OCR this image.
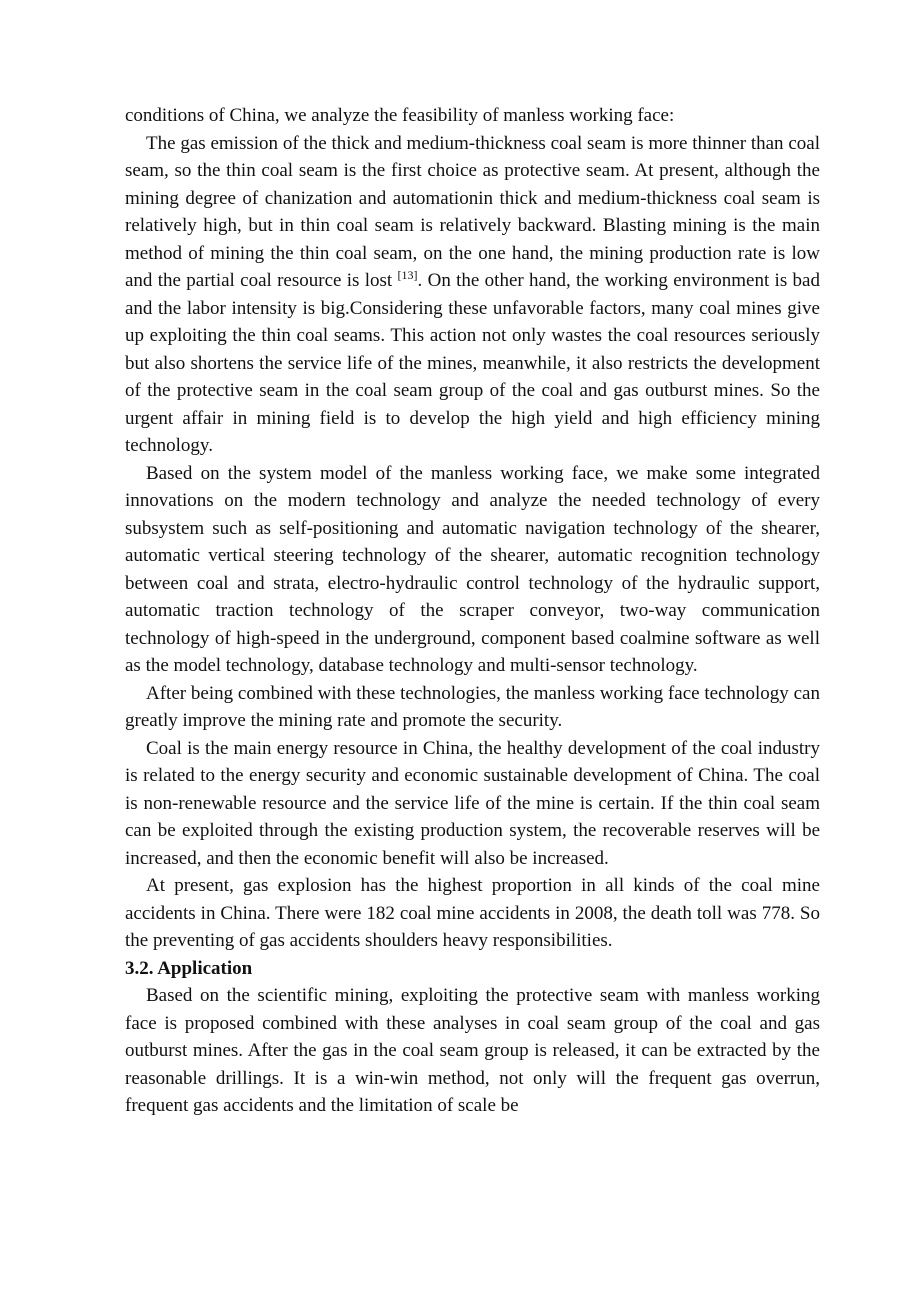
conditions of China, we analyze the feasibility of manless working face:

The gas emission of the thick and medium-thickness coal seam is more thinner than coal seam, so the thin coal seam is the first choice as protective seam. At present, although the mining degree of chanization and automationin thick and medium-thickness coal seam is relatively high, but in thin coal seam is relatively backward. Blasting mining is the main method of mining the thin coal seam, on the one hand, the mining production rate is low and the partial coal resource is lost [13]. On the other hand, the working environment is bad and the labor intensity is big.Considering these unfavorable factors, many coal mines give up exploiting the thin coal seams. This action not only wastes the coal resources seriously but also shortens the service life of the mines, meanwhile, it also restricts the development of the protective seam in the coal seam group of the coal and gas outburst mines. So the urgent affair in mining field is to develop the high yield and high efficiency mining technology.

Based on the system model of the manless working face, we make some integrated innovations on the modern technology and analyze the needed technology of every subsystem such as self-positioning and automatic navigation technology of the shearer, automatic vertical steering technology of the shearer, automatic recognition technology between coal and strata, electro-hydraulic control technology of the hydraulic support, automatic traction technology of the scraper conveyor, two-way communication technology of high-speed in the underground, component based coalmine software as well as the model technology, database technology and multi-sensor technology.

After being combined with these technologies, the manless working face technology can greatly improve the mining rate and promote the security.

Coal is the main energy resource in China, the healthy development of the coal industry is related to the energy security and economic sustainable development of China. The coal is non-renewable resource and the service life of the mine is certain. If the thin coal seam can be exploited through the existing production system, the recoverable reserves will be increased, and then the economic benefit will also be increased.

At present, gas explosion has the highest proportion in all kinds of the coal mine accidents in China. There were 182 coal mine accidents in 2008, the death toll was 778. So the preventing of gas accidents shoulders heavy responsibilities.

3.2. Application

Based on the scientific mining, exploiting the protective seam with manless working face is proposed combined with these analyses in coal seam group of the coal and gas outburst mines. After the gas in the coal seam group is released, it can be extracted by the reasonable drillings. It is a win-win method, not only will the frequent gas overrun, frequent gas accidents and the limitation of scale be
